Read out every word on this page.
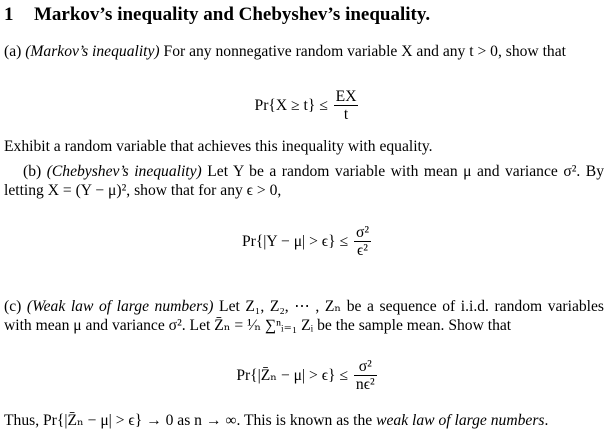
1 Markov’s inequality and Chebyshev’s inequality.
(a) (Markov’s inequality) For any nonnegative random variable X and any t > 0, show that
$Pr\{X \ge t\} \le \frac{EX}{t}$
Exhibit a random variable that achieves this inequality with equality.
(b) (Chebyshev’s inequality) Let Y be a random variable with mean μ and variance σ². By letting X = (Y − μ)², show that for any ϵ > 0,
$Pr\{|Y - \mu| > \epsilon\} \le \frac{\text{σ²}}{\text{ϵ²}}$
(c) (Weak law of large numbers) Let Z₁, Z₂, ⋯ , Zₙ be a sequence of i.i.d. random variables with mean μ and variance σ². Let Z̄ₙ = ¹⁄ₙ ∑ⁿᵢ₌₁ Zᵢ be the sample mean. Show that
Pr{|Z̄ₙ − $\mu| > \epsilon\} \le \frac{\text{σ²}}{\text{nϵ²}}$
Thus, Pr{|Z̄ₙ − μ| > ϵ} → 0 as n → ∞. This is known as the weak law of large numbers.
